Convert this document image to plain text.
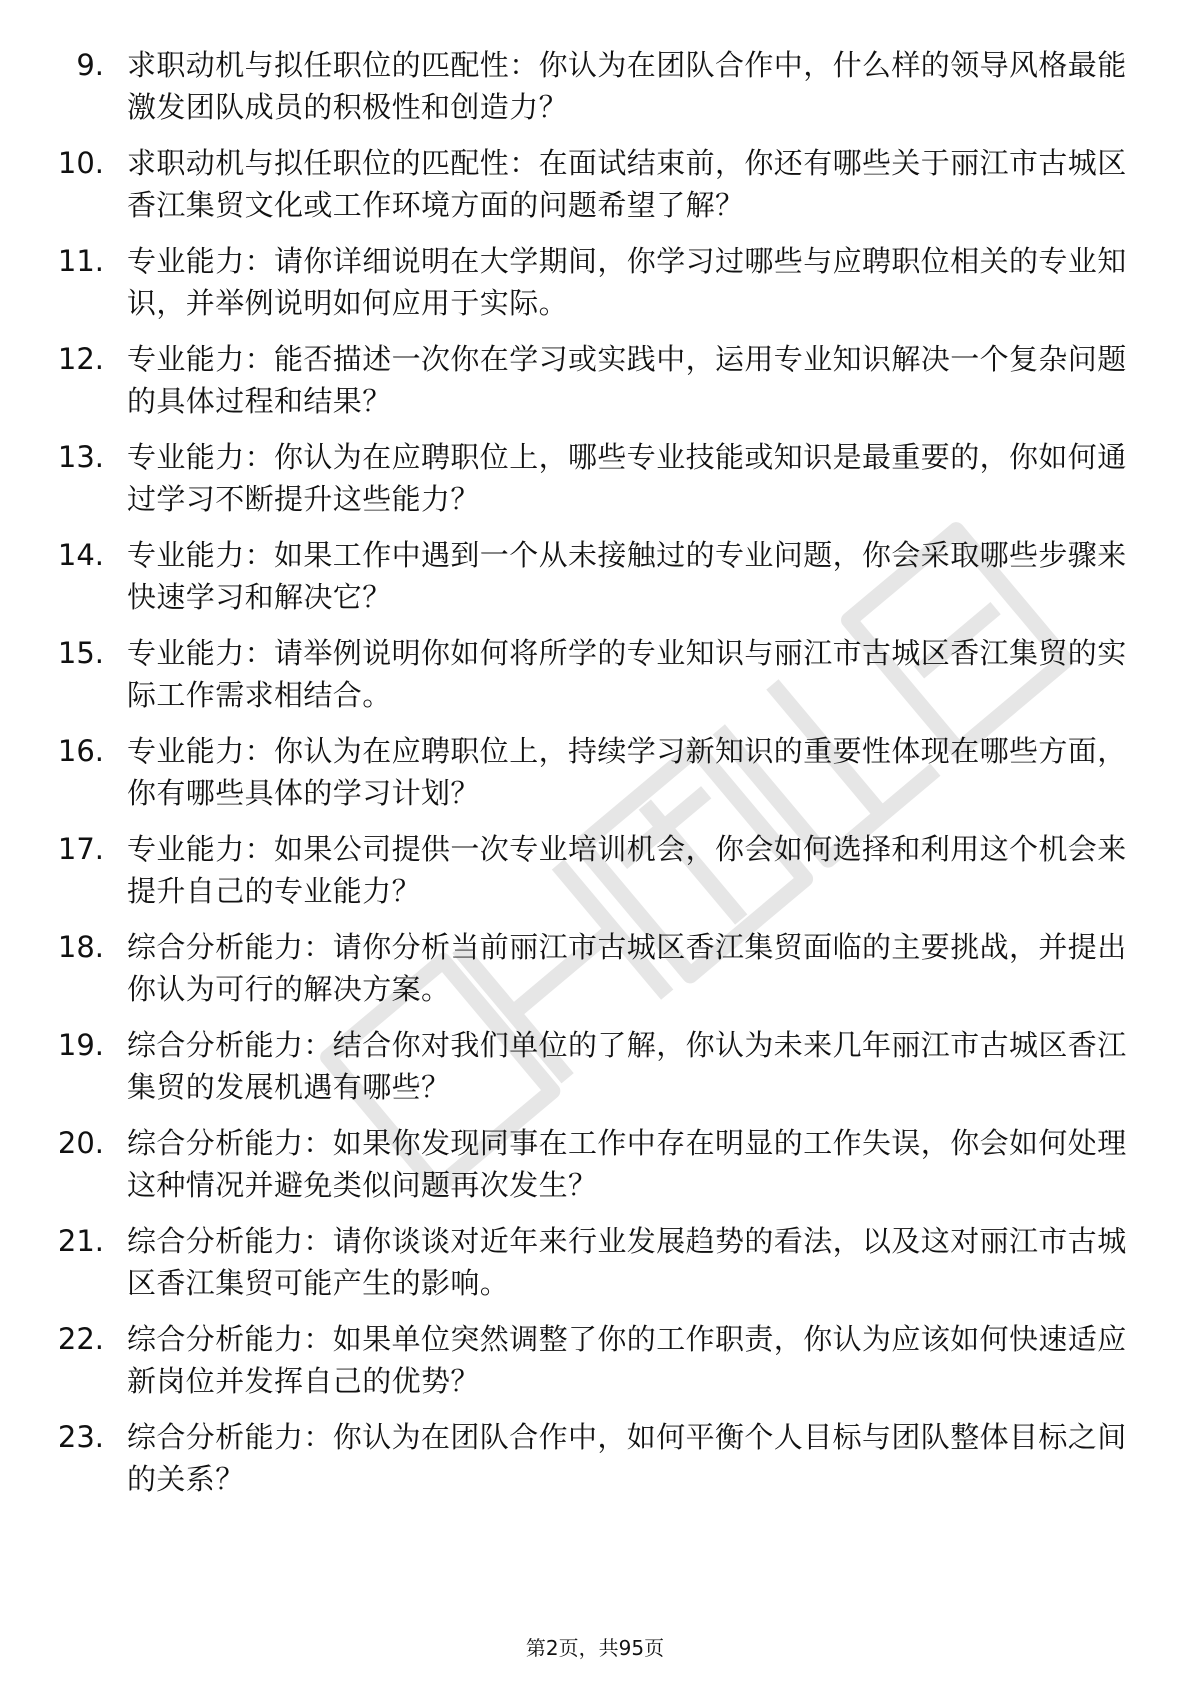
9. 求职动机与拟任职位的匹配性：你认为在团队合作中，什么样的领导风格最能激发团队成员的积极性和创造力？
10. 求职动机与拟任职位的匹配性：在面试结束前，你还有哪些关于丽江市古城区香江集贸文化或工作环境方面的问题希望了解？
11. 专业能力：请你详细说明在大学期间，你学习过哪些与应聘职位相关的专业知识，并举例说明如何应用于实际。
12. 专业能力：能否描述一次你在学习或实践中，运用专业知识解决一个复杂问题的具体过程和结果？
13. 专业能力：你认为在应聘职位上，哪些专业技能或知识是最重要的，你如何通过学习不断提升这些能力？
14. 专业能力：如果工作中遇到一个从未接触过的专业问题，你会采取哪些步骤来快速学习和解决它？
15. 专业能力：请举例说明你如何将所学的专业知识与丽江市古城区香江集贸的实际工作需求相结合。
16. 专业能力：你认为在应聘职位上，持续学习新知识的重要性体现在哪些方面，你有哪些具体的学习计划？
17. 专业能力：如果公司提供一次专业培训机会，你会如何选择和利用这个机会来提升自己的专业能力？
18. 综合分析能力：请你分析当前丽江市古城区香江集贸面临的主要挑战，并提出你认为可行的解决方案。
19. 综合分析能力：结合你对我们单位的了解，你认为未来几年丽江市古城区香江集贸的发展机遇有哪些？
20. 综合分析能力：如果你发现同事在工作中存在明显的工作失误，你会如何处理这种情况并避免类似问题再次发生？
21. 综合分析能力：请你谈谈对近年来行业发展趋势的看法，以及这对丽江市古城区香江集贸可能产生的影响。
22. 综合分析能力：如果单位突然调整了你的工作职责，你认为应该如何快速适应新岗位并发挥自己的优势？
23. 综合分析能力：你认为在团队合作中，如何平衡个人目标与团队整体目标之间的关系？
第2页，共95页
